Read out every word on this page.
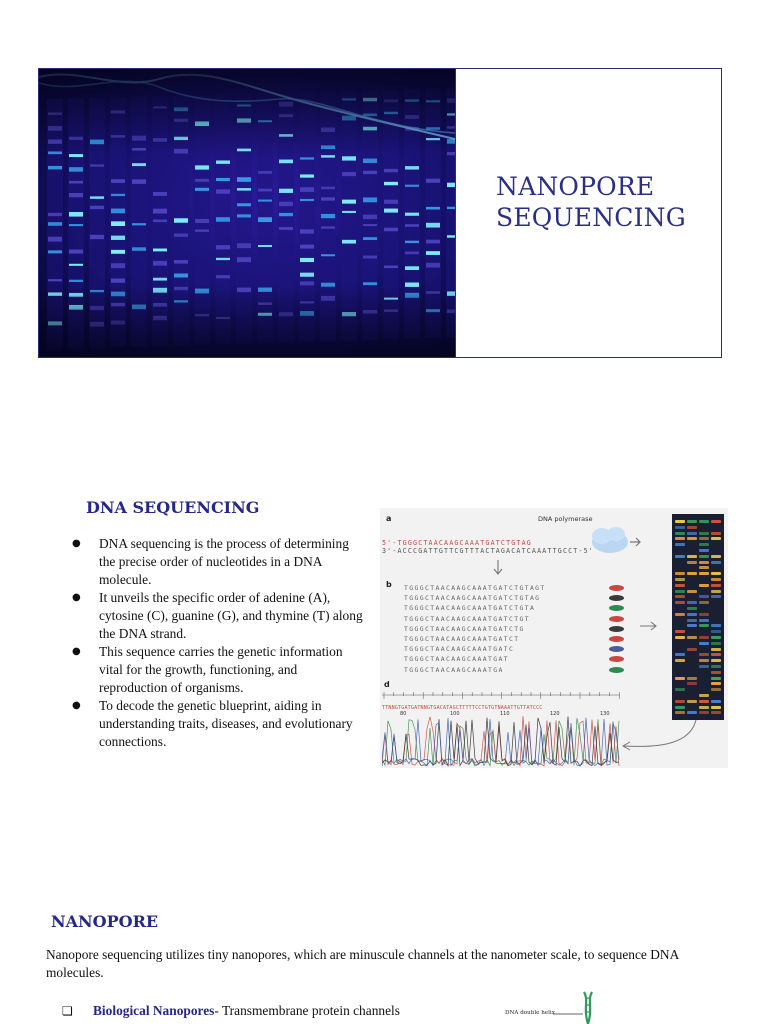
NANOPORE
SEQUENCING
DNA SEQUENCING
● DNA sequencing is the process of determining the precise order of nucleotides in a DNA molecule.
● It unveils the specific order of adenine (A), cytosine (C), guanine (G), and thymine (T) along the DNA strand.
● This sequence carries the genetic information vital for the growth, functioning, and reproduction of organisms.
● To decode the genetic blueprint, aiding in understanding traits, diseases, and evolutionary connections.
a	DNA polymerase
5'-TGGGCTAACAAGCAAATGATCTGTAG
3'-ACCCGATTGTTCGTTTACTAGACATCAAATTGCCT-5'
b TGGGCTAACAAGCAAATGATCTGTAGT
TGGGCTAACAAGCAAATGATCTGTAG
TGGGCTAACAAGCAAATGATCTGTA
TGGGCTAACAAGCAAATGATCTGT
TGGGCTAACAAGCAAATGATCTG
TGGGCTAACAAGCAAATGATCT
TGGGCTAACAAGCAAATGATC
TGGGCTAACAAGCAAATGAT
TGGGCTAACAAGCAAATGA
d
TTNNGTGATGATNNGTGACATAGCTTTTTCCTGTGTNAAATTGTTATCCC
80	100	110	120	130
NANOPORE

Nanopore sequencing utilizes tiny nanopores, which are minuscule channels at the nanometer scale, to sequence DNA molecules.

❏	Biological Nanopores- Transmembrane protein channels	DNA double helix
